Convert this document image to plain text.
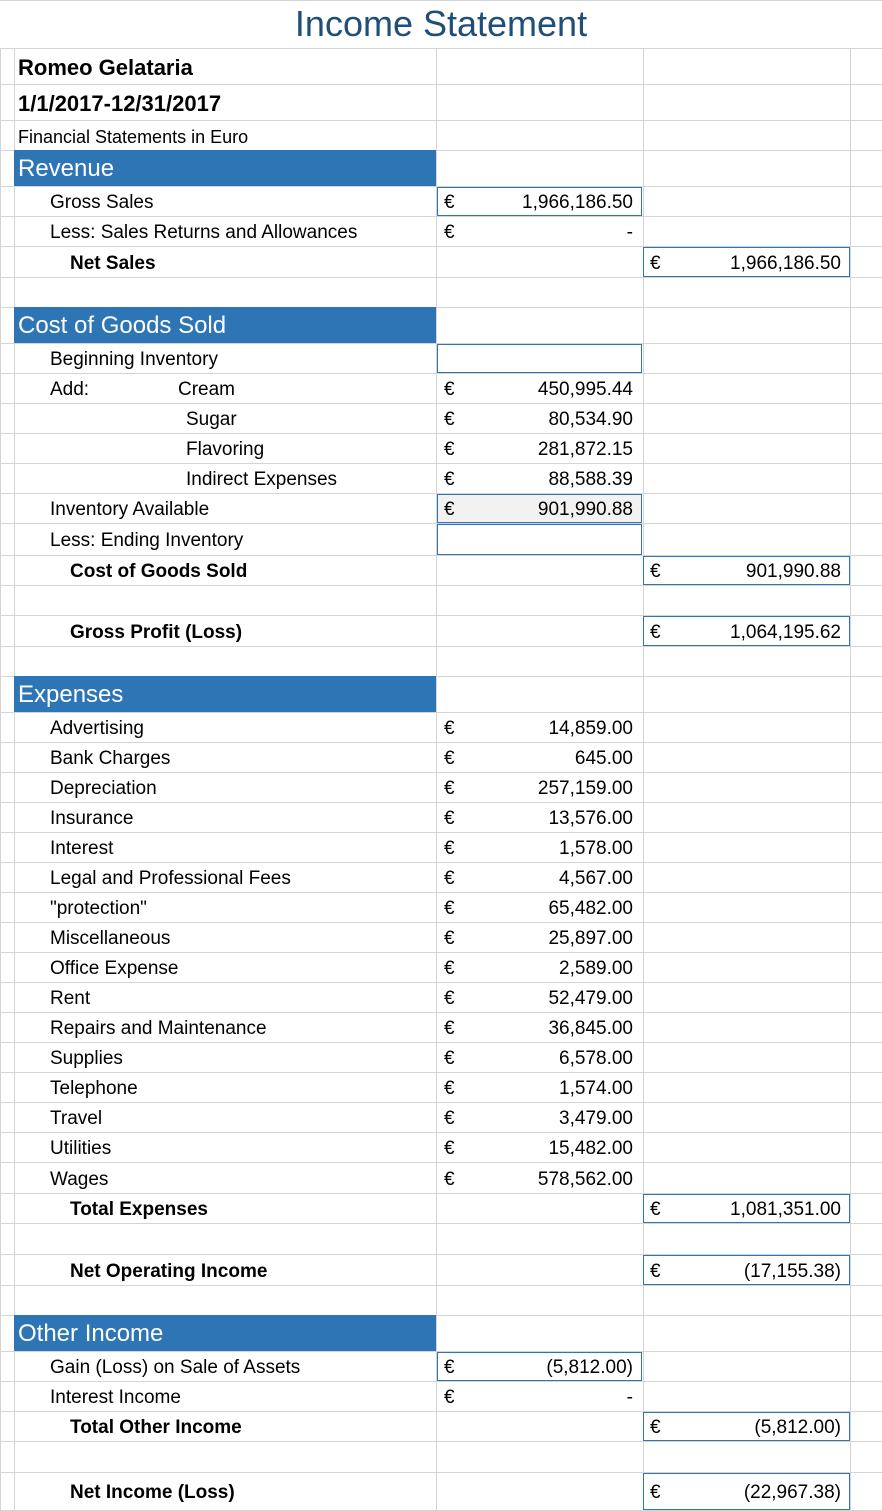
Income Statement
Romeo Gelataria
1/1/2017-12/31/2017
Financial Statements in Euro
Revenue
Gross Sales	€	1,966,186.50
Less: Sales Returns and Allowances	€	-
Net Sales	€	1,966,186.50
Cost of Goods Sold
Beginning Inventory
Add:	Cream	€	450,995.44
Sugar	€	80,534.90
Flavoring	€	281,872.15
Indirect Expenses	€	88,588.39
Inventory Available	€	901,990.88
Less: Ending Inventory
Cost of Goods Sold	€	901,990.88
Gross Profit (Loss)	€	1,064,195.62
Expenses
Advertising	€	14,859.00
Bank Charges	€	645.00
Depreciation	€	257,159.00
Insurance	€	13,576.00
Interest	€	1,578.00
Legal and Professional Fees	€	4,567.00
"protection"	€	65,482.00
Miscellaneous	€	25,897.00
Office Expense	€	2,589.00
Rent	€	52,479.00
Repairs and Maintenance	€	36,845.00
Supplies	€	6,578.00
Telephone	€	1,574.00
Travel	€	3,479.00
Utilities	€	15,482.00
Wages	€	578,562.00
Total Expenses	€	1,081,351.00
Net Operating Income	€	(17,155.38)
Other Income
Gain (Loss) on Sale of Assets	€	(5,812.00)
Interest Income	€	-
Total Other Income	€	(5,812.00)
Net Income (Loss)	€	(22,967.38)
